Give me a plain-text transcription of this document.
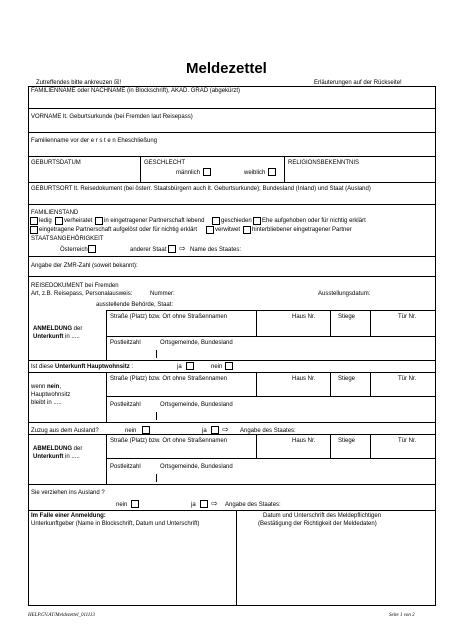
Meldezettel
Zutreffendes bitte ankreuzen ☒!	Erläuterungen auf der Rückseite!
FAMILIENNAME oder NACHNAME (in Blockschrift), AKAD. GRAD (abgekürzt)
VORNAME lt. Geburtsurkunde (bei Fremden laut Reisepass)
Familienname vor der e r s t e n Eheschließung
GEBURTSDATUM	GESCHLECHT
männlich	weiblich
RELIGIONSBEKENNTNIS
GEBURTSORT lt. Reisedokument (bei österr. Staatsbürgern auch lt. Geburtsurkunde); Bundesland (Inland) und Staat (Ausland)
FAMILIENSTAND
ledig verheiratet in eingetragener Partnerschaft lebend	geschieden Ehe aufgehoben oder für nichtig erklärt
eingetragene Partnerschaft aufgelöst oder für nichtig erklärt	verwitwet hinterbliebener eingetragener Partner
STAATSANGEHÖRIGKEIT
Österreich	anderer Staat ⇨ Name des Staates:
Angabe der ZMR-Zahl (soweit bekannt):
REISEDOKUMENT bei Fremden
Art, z.B. Reisepass, Personalausweis:	Nummer:	Ausstellungsdatum:
ausstellende Behörde, Staat:
ANMELDUNG der
Unterkunft in .....
Straße (Platz) bzw. Ort ohne Straßennamen	Haus Nr.	Stiege	Tür Nr.
Postleitzahl	Ortsgemeinde, Bundesland
Ist diese Unterkunft Hauptwohnsitz :	ja	nein
wenn nein,
Hauptwohnsitz
bleibt in .....
Straße (Platz) bzw. Ort ohne Straßennamen	Haus Nr.	Stiege	Tür Nr.
Postleitzahl	Ortsgemeinde, Bundesland
Zuzug aus dem Ausland?	nein	ja ⇨ Angabe des Staates:
ABMELDUNG der
Unterkunft in .....
Straße (Platz) bzw. Ort ohne Straßennamen	Haus Nr.	Stiege	Tür Nr.
Postleitzahl	Ortsgemeinde, Bundesland
Sie verziehen ins Ausland ?
nein	ja ⇨ Angabe des Staates:
Im Falle einer Anmeldung:
Unterkunftgeber (Name in Blockschrift, Datum und Unterschrift)
Datum und Unterschrift des Meldepflichtigen
(Bestätigung der Richtigkeit der Meldedaten)
HELP.GV.AT/Meldezettel_011113	Seite 1 von 2
